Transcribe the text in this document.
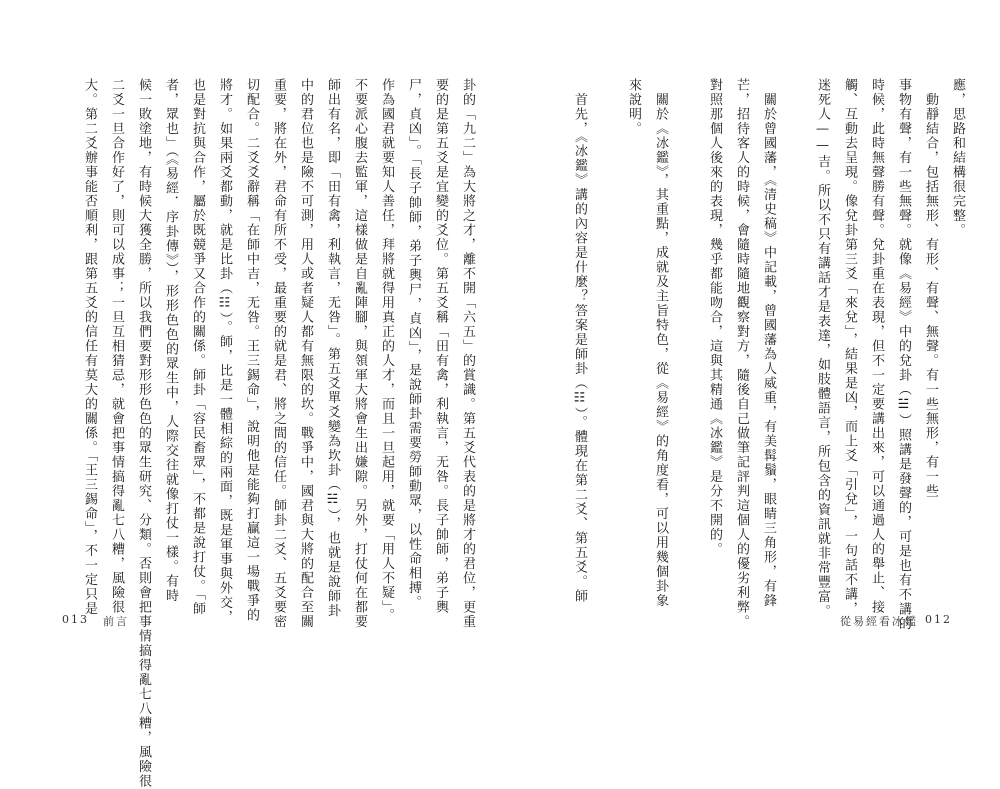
卦的「九二」為大將之才，離不開「六五」的賞識。第五爻代表的是將才的君位，更重
要的是第五爻是宜變的爻位。第五爻稱「田有禽，利執言，无咎。長子帥師，弟子輿
尸，貞凶」。「長子帥師，弟子輿尸，貞凶」，是說師卦需要勞師動眾，以性命相搏。
作為國君就要知人善任，拜將就得用真正的人才，而且一旦起用，就要「用人不疑」。
不要派心腹去監軍，這樣做是自亂陣腳，與領軍大將會生出嫌隙。另外，打仗何在都要
師出有名，即「田有禽，利執言，无咎」。第五爻單爻變為坎卦（☵），也就是說師卦
中的君位也是險不可測，用人或者疑人都有無限的坎。戰爭中，國君與大將的配合至關
重要，將在外，君命有所不受，最重要的就是君、將之間的信任。師卦二爻、五爻要密
切配合。二爻爻辭稱「在師中吉，无咎。王三錫命」，說明他是能夠打贏這一場戰爭的
將才。如果兩爻都動，就是比卦（☷）。師，比是一體相綜的兩面，既是軍事與外交，
也是對抗與合作，屬於既競爭又合作的關係。師卦「容民畜眾」，不都是說打仗。「師
者，眾也」（《易經．序卦傳》），形形色色的眾生中，人際交往就像打仗一樣。有時
候一敗塗地，有時候大獲全勝，所以我們要對形形色色的眾生研究、分類。否則會把事情搞得亂七八糟，風險很
二爻一旦合作好了，則可以成事；一旦互相猜忌，就會把事情搞得亂七八糟，風險很
大。第二爻辦事能否順利，跟第五爻的信任有莫大的關係。「王三錫命」，不一定只是
013 前言
應，思路和結構很完整。
　動靜結合，包括無形、有形、有聲、無聲。有一些無形，有一些
事物有聲，有一些無聲。就像《易經》中的兌卦（☱）照講是發聲的，可是也有不講的
時候，此時無聲勝有聲。兌卦重在表現，但不一定要講出來，可以通過人的舉止、接
觸、互動去呈現。像兌卦第三爻「來兌」，結果是凶，而上爻「引兌」，一句話不講，
迷死人——吉。所以不只有講話才是表達，如肢體語言，所包含的資訊就非常豐富。
　關於曾國藩，《清史稿》中記載，曾國藩為人威重，有美髯鬚，眼睛三角形，有鋒
芒，招待客人的時候，會隨時隨地觀察對方，隨後自己做筆記評判這個人的優劣利弊。
對照那個人後來的表現，幾乎都能吻合，這與其精通《冰鑑》是分不開的。
　關於《冰鑑》，其重點，成就及主旨特色，從《易經》的角度看，可以用幾個卦象
來說明。
　首先，《冰鑑》講的內容是什麼？答案是師卦（☷）。體現在第二爻、第五爻。師
從易經看冰鑑 012
